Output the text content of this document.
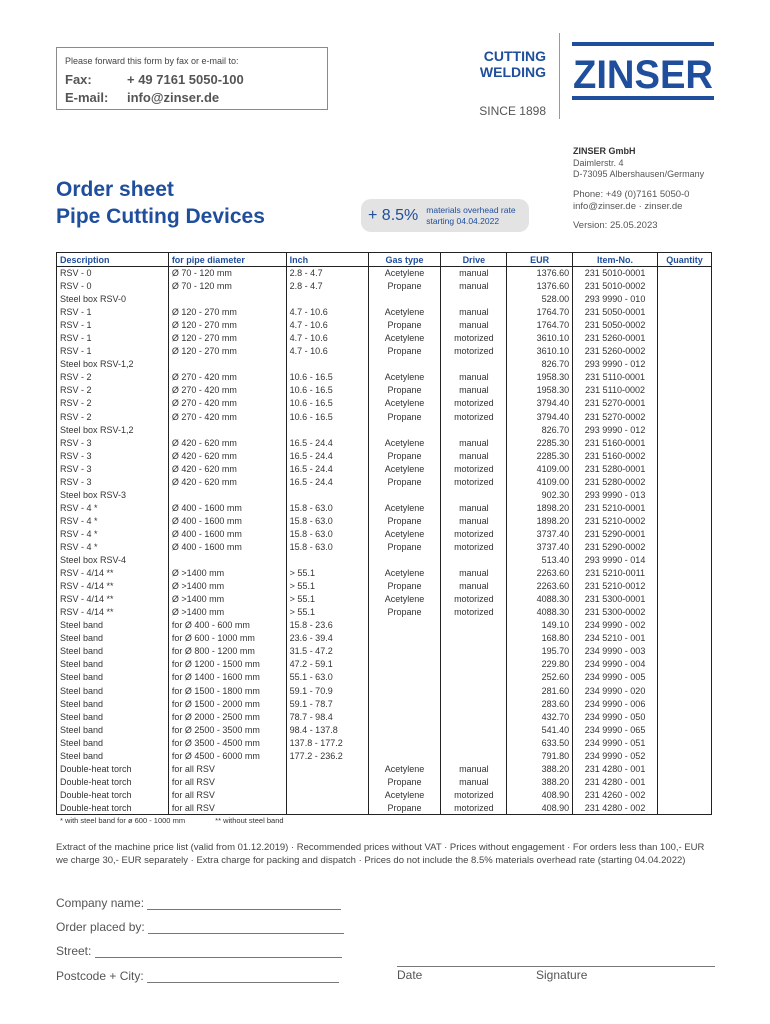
Please forward this form by fax or e-mail to:
Fax:	+ 49 7161 5050-100
E-mail:	info@zinser.de
CUTTING
WELDING
SINCE 1898
ZINSER
ZINSER GmbH
Daimlerstr. 4
D-73095 Albershausen/Germany
Phone: +49 (0)7161 5050-0
info@zinser.de · zinser.de
Version: 25.05.2023
Order sheet
Pipe Cutting Devices	+ 8.5% materials overhead rate
starting 04.04.2022
Description	for pipe diameter	Inch	Gas type	Drive	EUR	Item-No.	Quantity
RSV - 0	Ø 70 - 120 mm	2.8 - 4.7	Acetylene	manual	1376.60	231 5010-0001	
RSV - 0	Ø 70 - 120 mm	2.8 - 4.7	Propane	manual	1376.60	231 5010-0002	
Steel box RSV-0					528.00	293 9990 - 010	
RSV - 1	Ø 120 - 270 mm	4.7 - 10.6	Acetylene	manual	1764.70	231 5050-0001	
RSV - 1	Ø 120 - 270 mm	4.7 - 10.6	Propane	manual	1764.70	231 5050-0002	
RSV - 1	Ø 120 - 270 mm	4.7 - 10.6	Acetylene	motorized	3610.10	231 5260-0001	
RSV - 1	Ø 120 - 270 mm	4.7 - 10.6	Propane	motorized	3610.10	231 5260-0002	
Steel box RSV-1,2					826.70	293 9990 - 012	
RSV - 2	Ø 270 - 420 mm	10.6 - 16.5	Acetylene	manual	1958.30	231 5110-0001	
RSV - 2	Ø 270 - 420 mm	10.6 - 16.5	Propane	manual	1958.30	231 5110-0002	
RSV - 2	Ø 270 - 420 mm	10.6 - 16.5	Acetylene	motorized	3794.40	231 5270-0001	
RSV - 2	Ø 270 - 420 mm	10.6 - 16.5	Propane	motorized	3794.40	231 5270-0002	
Steel box RSV-1,2					826.70	293 9990 - 012	
RSV - 3	Ø 420 - 620 mm	16.5 - 24.4	Acetylene	manual	2285.30	231 5160-0001	
RSV - 3	Ø 420 - 620 mm	16.5 - 24.4	Propane	manual	2285.30	231 5160-0002	
RSV - 3	Ø 420 - 620 mm	16.5 - 24.4	Acetylene	motorized	4109.00	231 5280-0001	
RSV - 3	Ø 420 - 620 mm	16.5 - 24.4	Propane	motorized	4109.00	231 5280-0002	
Steel box RSV-3					902.30	293 9990 - 013	
RSV - 4 *	Ø 400 - 1600 mm	15.8 - 63.0	Acetylene	manual	1898.20	231 5210-0001	
RSV - 4 *	Ø 400 - 1600 mm	15.8 - 63.0	Propane	manual	1898.20	231 5210-0002	
RSV - 4 *	Ø 400 - 1600 mm	15.8 - 63.0	Acetylene	motorized	3737.40	231 5290-0001	
RSV - 4 *	Ø 400 - 1600 mm	15.8 - 63.0	Propane	motorized	3737.40	231 5290-0002	
Steel box RSV-4					513.40	293 9990 - 014	
RSV - 4/14 **	Ø >1400 mm	> 55.1	Acetylene	manual	2263.60	231 5210-0011	
RSV - 4/14 **	Ø >1400 mm	> 55.1	Propane	manual	2263.60	231 5210-0012	
RSV - 4/14 **	Ø >1400 mm	> 55.1	Acetylene	motorized	4088.30	231 5300-0001	
RSV - 4/14 **	Ø >1400 mm	> 55.1	Propane	motorized	4088.30	231 5300-0002	
Steel band	for Ø 400 - 600 mm	15.8 - 23.6			149.10	234 9990 - 002	
Steel band	for Ø 600 - 1000 mm	23.6 - 39.4			168.80	234 5210 - 001	
Steel band	for Ø 800 - 1200 mm	31.5 - 47.2			195.70	234 9990 - 003	
Steel band	for Ø 1200 - 1500 mm	47.2 - 59.1			229.80	234 9990 - 004	
Steel band	for Ø 1400 - 1600 mm	55.1 - 63.0			252.60	234 9990 - 005	
Steel band	for Ø 1500 - 1800 mm	59.1 - 70.9			281.60	234 9990 - 020	
Steel band	for Ø 1500 - 2000 mm	59.1 - 78.7			283.60	234 9990 - 006	
Steel band	for Ø 2000 - 2500 mm	78.7 - 98.4			432.70	234 9990 - 050	
Steel band	for Ø 2500 - 3500 mm	98.4 - 137.8			541.40	234 9990 - 065	
Steel band	for Ø 3500 - 4500 mm	137.8 - 177.2			633.50	234 9990 - 051	
Steel band	for Ø 4500 - 6000 mm	177.2 - 236.2			791.80	234 9990 - 052	
Double-heat torch	for all RSV		Acetylene	manual	388.20	231 4280 - 001	
Double-heat torch	for all RSV		Propane	manual	388.20	231 4280 - 001	
Double-heat torch	for all RSV		Acetylene	motorized	408.90	231 4260 - 002	
Double-heat torch	for all RSV		Propane	motorized	408.90	231 4280 - 002	
* with steel band for ø 600 - 1000 mm	** without steel band
Extract of the machine price list (valid from 01.12.2019) · Recommended prices without VAT · Prices without engagement · For orders less than 100,- EUR we charge 30,- EUR separately · Extra charge for packing and dispatch · Prices do not include the 8.5% materials overhead rate (starting 04.04.2022)
Company name:
Order placed by:
Street:
Postcode + City:	Date	Signature
